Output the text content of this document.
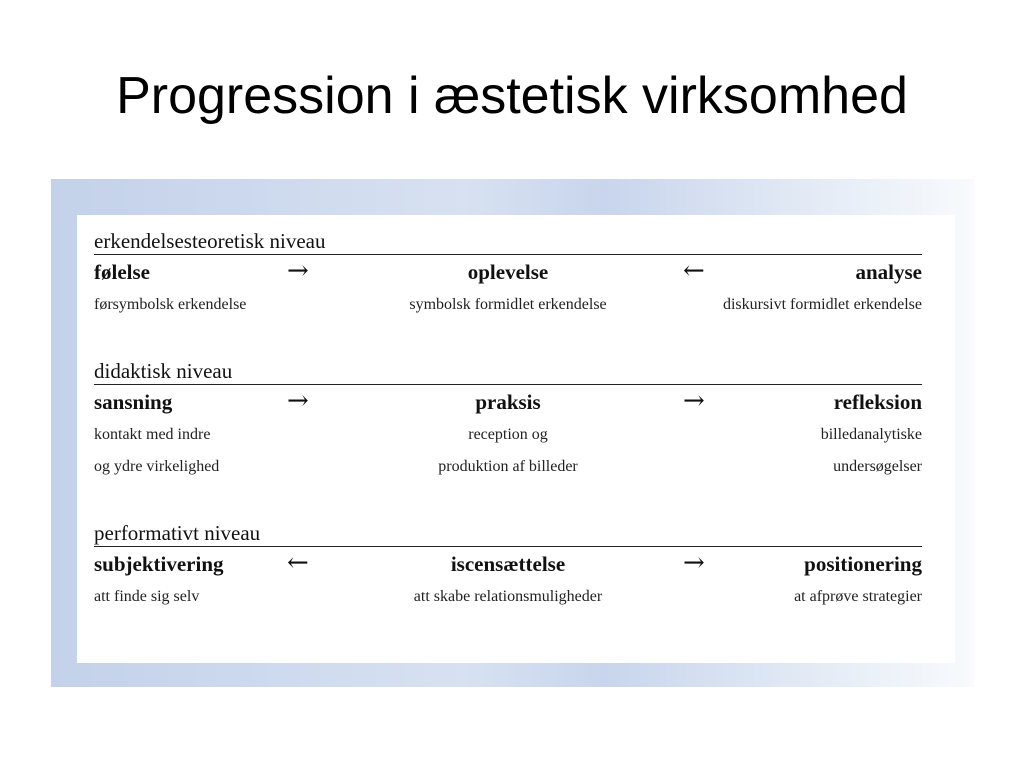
Progression i æstetisk virksomhed
erkendelsesteoretisk niveau
følelse	→	oplevelse	←	analyse
førsymbolsk erkendelse	symbolsk formidlet erkendelse	diskursivt formidlet erkendelse
didaktisk niveau
sansning	→	praksis	→	refleksion
kontakt med indre	reception og	billedanalytiske
og ydre virkelighed	produktion af billeder	undersøgelser
performativt niveau
subjektivering ←	iscensættelse	→	positionering
att finde sig selv	att skabe relationsmuligheder	at afprøve strategier
